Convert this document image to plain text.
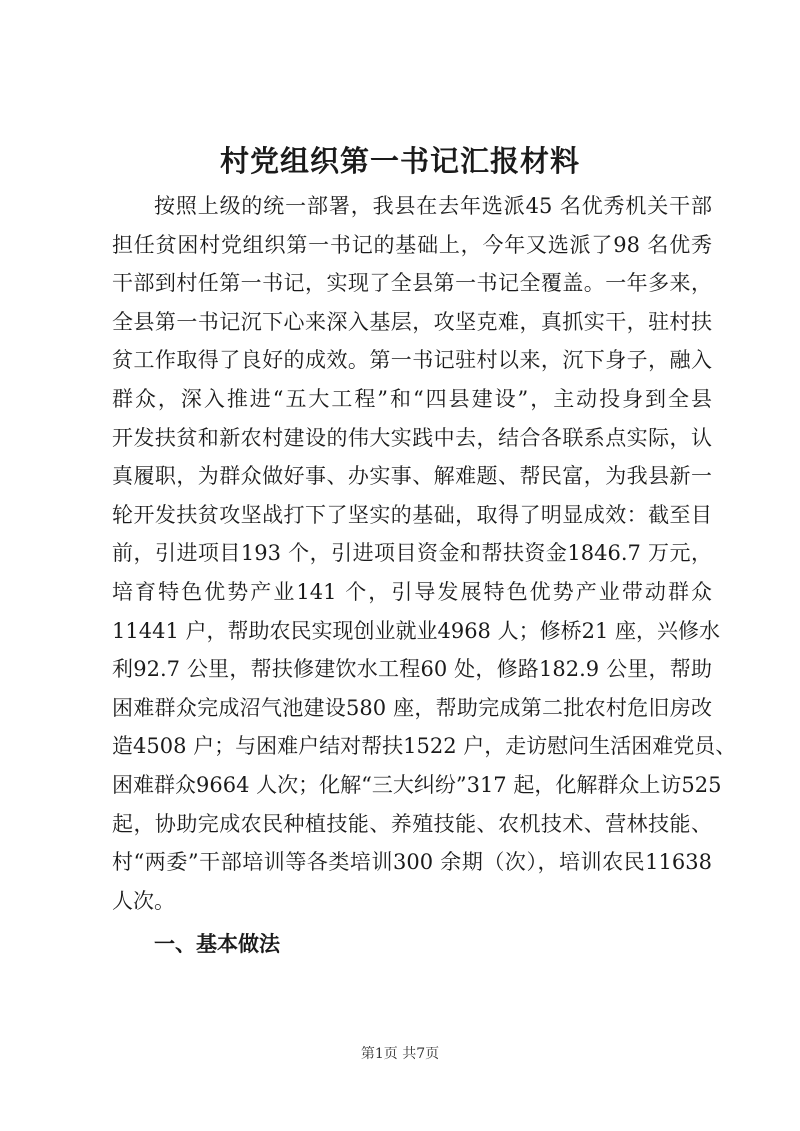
村党组织第一书记汇报材料
按照上级的统一部署，我县在去年选派45 名优秀机关干部
担任贫困村党组织第一书记的基础上，今年又选派了98 名优秀
干部到村任第一书记，实现了全县第一书记全覆盖。一年多来，
全县第一书记沉下心来深入基层，攻坚克难，真抓实干，驻村扶
贫工作取得了良好的成效。第一书记驻村以来，沉下身子，融入
群众，深入推进“五大工程”和“四县建设”，主动投身到全县
开发扶贫和新农村建设的伟大实践中去，结合各联系点实际，认
真履职，为群众做好事、办实事、解难题、帮民富，为我县新一
轮开发扶贫攻坚战打下了坚实的基础，取得了明显成效：截至目
前，引进项目193 个，引进项目资金和帮扶资金1846.7 万元，
培育特色优势产业141 个，引导发展特色优势产业带动群众
11441 户，帮助农民实现创业就业4968 人；修桥21 座，兴修水
利92.7 公里，帮扶修建饮水工程60 处，修路182.9 公里，帮助
困难群众完成沼气池建设580 座，帮助完成第二批农村危旧房改
造4508 户；与困难户结对帮扶1522 户，走访慰问生活困难党员、
困难群众9664 人次；化解“三大纠纷”317 起，化解群众上访525
起，协助完成农民种植技能、养殖技能、农机技术、营林技能、
村“两委”干部培训等各类培训300 余期（次），培训农民11638
人次。
一、基本做法
第1页 共7页
